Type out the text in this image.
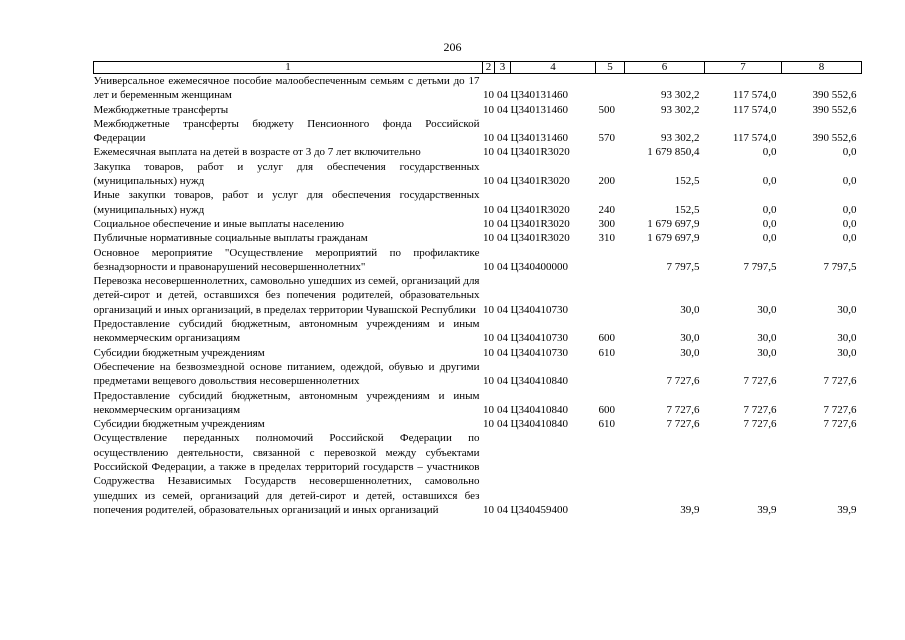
206
1	2	3	4	5	6	7	8

Универсальное ежемесячное пособие малообеспеченным семьям с детьми до 17 лет и беременным женщинам	10	04	Ц340131460		93 302,2	117 574,0	390 552,6

Межбюджетные трансферты	10	04	Ц340131460	500	93 302,2	117 574,0	390 552,6

Межбюджетные трансферты бюджету Пенсионного фонда Российской Федерации	10	04	Ц340131460	570	93 302,2	117 574,0	390 552,6

Ежемесячная выплата на детей в возрасте от 3 до 7 лет включительно	10	04	Ц3401R3020		1 679 850,4	0,0	0,0

Закупка товаров, работ и услуг для обеспечения государственных (муниципальных) нужд	10	04	Ц3401R3020	200	152,5	0,0	0,0

Иные закупки товаров, работ и услуг для обеспечения государственных (муниципальных) нужд	10	04	Ц3401R3020	240	152,5	0,0	0,0

Социальное обеспечение и иные выплаты населению	10	04	Ц3401R3020	300	1 679 697,9	0,0	0,0

Публичные нормативные социальные выплаты гражданам	10	04	Ц3401R3020	310	1 679 697,9	0,0	0,0

Основное мероприятие "Осуществление мероприятий по профилактике безнадзорности и правонарушений несовершеннолетних"	10	04	Ц340400000		7 797,5	7 797,5	7 797,5

Перевозка несовершеннолетних, самовольно ушедших из семей, организаций для детей-сирот и детей, оставшихся без попечения родителей, образовательных организаций и иных организаций, в пределах территории Чувашской Республики	10	04	Ц340410730		30,0	30,0	30,0

Предоставление субсидий бюджетным, автономным учреждениям и иным некоммерческим организациям	10	04	Ц340410730	600	30,0	30,0	30,0

Субсидии бюджетным учреждениям	10	04	Ц340410730	610	30,0	30,0	30,0

Обеспечение на безвозмездной основе питанием, одеждой, обувью и другими предметами вещевого довольствия несовершеннолетних	10	04	Ц340410840		7 727,6	7 727,6	7 727,6

Предоставление субсидий бюджетным, автономным учреждениям и иным некоммерческим организациям	10	04	Ц340410840	600	7 727,6	7 727,6	7 727,6

Субсидии бюджетным учреждениям	10	04	Ц340410840	610	7 727,6	7 727,6	7 727,6

Осуществление переданных полномочий Российской Федерации по осуществлению деятельности, связанной с перевозкой между субъектами Российской Федерации, а также в пределах территорий государств – участников Содружества Независимых Государств несовершеннолетних, самовольно ушедших из семей, организаций для детей-сирот и детей, оставшихся без попечения родителей, образовательных организаций и иных организаций	10	04	Ц340459400		39,9	39,9	39,9
